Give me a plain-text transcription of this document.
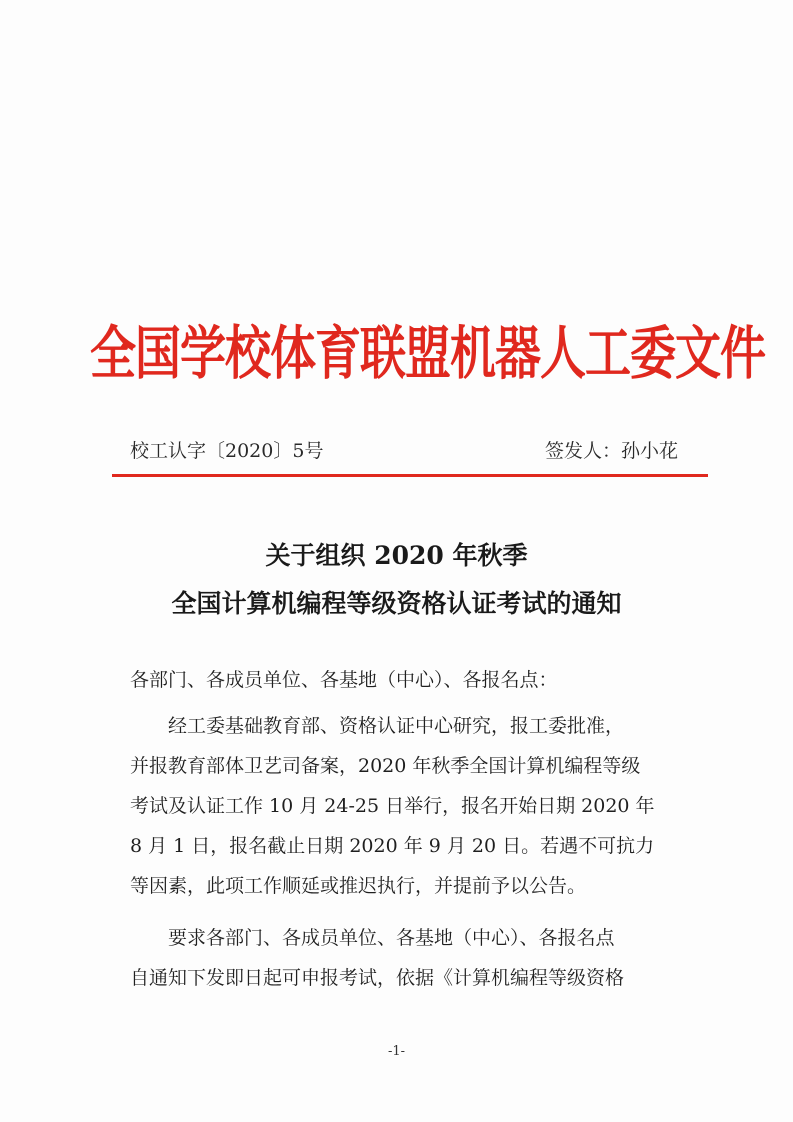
全国学校体育联盟机器人工委文件
校工认字〔2020〕5号	签发人：孙小花
关于组织 2020 年秋季
全国计算机编程等级资格认证考试的通知
各部门、各成员单位、各基地（中心）、各报名点：
经工委基础教育部、资格认证中心研究，报工委批准，
并报教育部体卫艺司备案，2020 年秋季全国计算机编程等级
考试及认证工作 10 月 24-25 日举行，报名开始日期 2020 年
8 月 1 日，报名截止日期 2020 年 9 月 20 日。若遇不可抗力
等因素，此项工作顺延或推迟执行，并提前予以公告。
要求各部门、各成员单位、各基地（中心）、各报名点
自通知下发即日起可申报考试，依据《计算机编程等级资格
-1-
